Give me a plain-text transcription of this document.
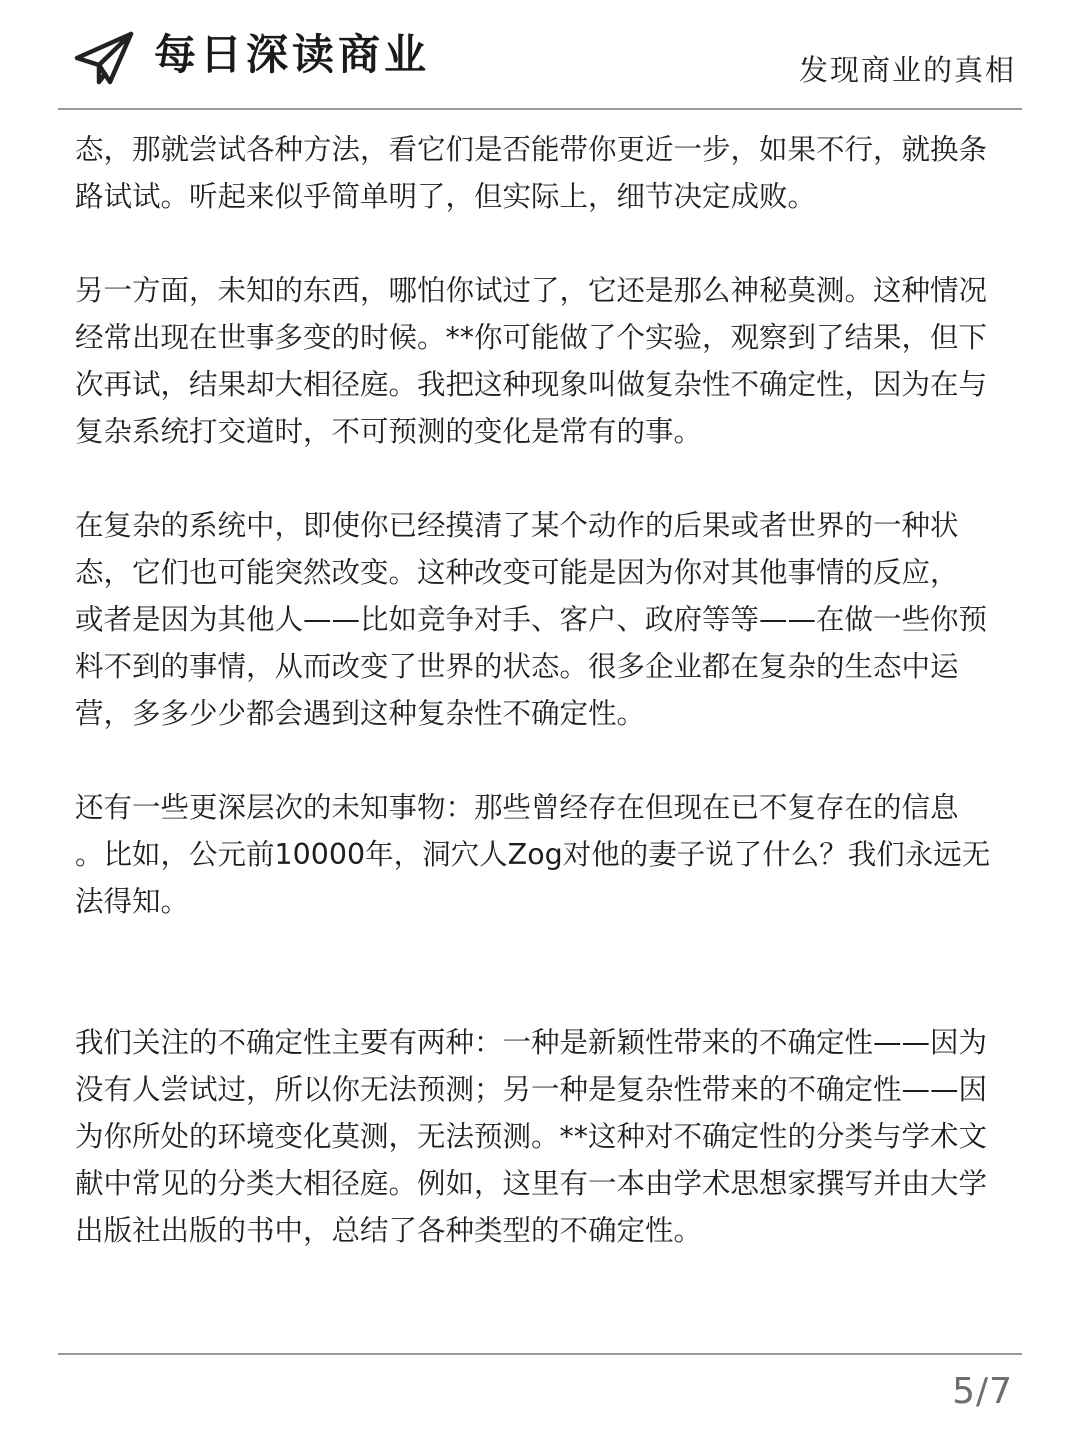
每日深读商业	发现商业的真相
态，那就尝试各种方法，看它们是否能带你更近一步，如果不行，就换条
路试试。听起来似乎简单明了，但实际上，细节决定成败。
另一方面，未知的东西，哪怕你试过了，它还是那么神秘莫测。这种情况
经常出现在世事多变的时候。**你可能做了个实验，观察到了结果，但下
次再试，结果却大相径庭。我把这种现象叫做复杂性不确定性，因为在与
复杂系统打交道时，不可预测的变化是常有的事。
在复杂的系统中，即使你已经摸清了某个动作的后果或者世界的一种状
态，它们也可能突然改变。这种改变可能是因为你对其他事情的反应，
或者是因为其他人——比如竞争对手、客户、政府等等——在做一些你预
料不到的事情，从而改变了世界的状态。很多企业都在复杂的生态中运
营，多多少少都会遇到这种复杂性不确定性。
还有一些更深层次的未知事物：那些曾经存在但现在已不复存在的信息
。比如，公元前10000年，洞穴人Zog对他的妻子说了什么？我们永远无
法得知。
我们关注的不确定性主要有两种：一种是新颖性带来的不确定性——因为
没有人尝试过，所以你无法预测；另一种是复杂性带来的不确定性——因
为你所处的环境变化莫测，无法预测。**这种对不确定性的分类与学术文
献中常见的分类大相径庭。例如，这里有一本由学术思想家撰写并由大学
出版社出版的书中，总结了各种类型的不确定性。
5/7
